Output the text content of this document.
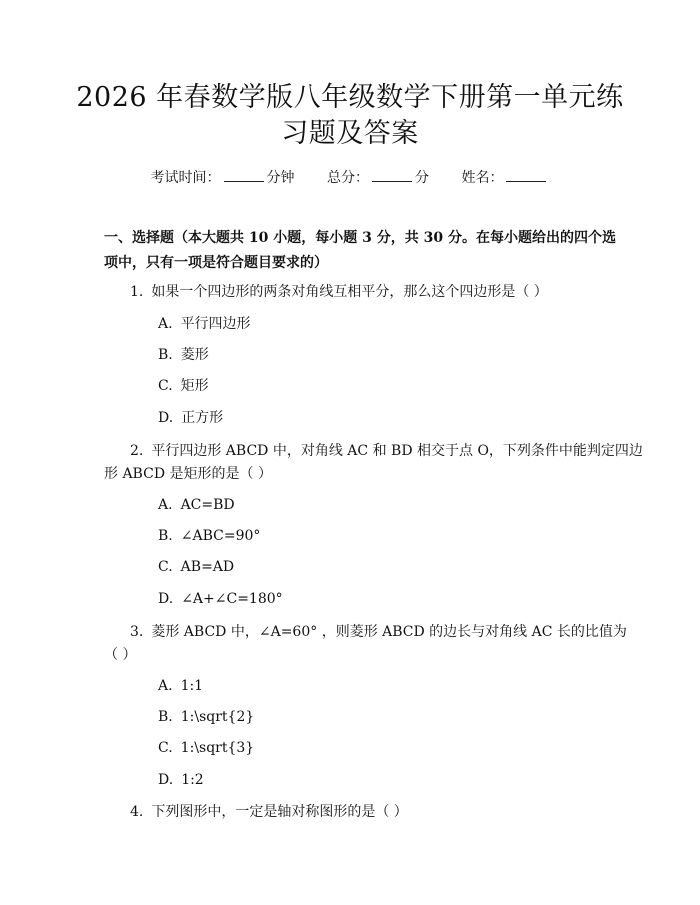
2026 年春数学版八年级数学下册第一单元练
习题及答案
考试时间：	分钟 总分：	分 姓名：
一、选择题（本大题共 10 小题，每小题 3 分，共 30 分。在每小题给出的四个选
项中，只有一项是符合题目要求的）
1. 如果一个四边形的两条对角线互相平分，那么这个四边形是（ ）
A. 平行四边形
B. 菱形
C. 矩形
D. 正方形
2. 平行四边形 ABCD 中，对角线 AC 和 BD 相交于点 O，下列条件中能判定四边
形 ABCD 是矩形的是（ ）
A. AC=BD
B. ∠ABC=90°
C. AB=AD
D. ∠A+∠C=180°
3. 菱形 ABCD 中，∠A=60° ，则菱形 ABCD 的边长与对角线 AC 长的比值为
（ ）
A. 1:1
B. 1:\sqrt{2}
C. 1:\sqrt{3}
D. 1:2
4. 下列图形中，一定是轴对称图形的是（ ）
